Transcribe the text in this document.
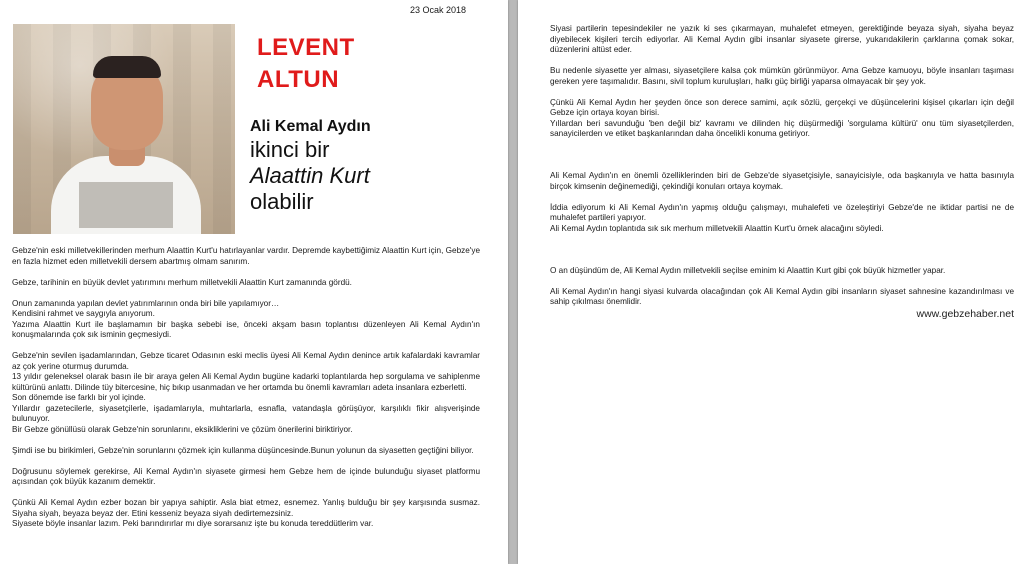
23 Ocak 2018
LEVENT
ALTUN
Ali Kemal Aydın
ikinci bir
Alaattin Kurt
olabilir
Gebze'nin eski milletvekillerinden merhum Alaattin Kurt'u hatırlayanlar vardır. Depremde kaybettiğimiz Alaattin Kurt için, Gebze'ye en fazla hizmet eden milletvekili dersem abartmış olmam sanırım.
Gebze, tarihinin en büyük devlet yatırımını merhum milletvekili Alaattin Kurt zamanında gördü.
Onun zamanında yapılan devlet yatırımlarının onda biri bile yapılamıyor…
Kendisini rahmet ve saygıyla anıyorum.
Yazıma Alaattin Kurt ile başlamamın bir başka sebebi ise, önceki akşam basın toplantısı düzenleyen Ali Kemal Aydın'ın konuşmalarında çok sık isminin geçmesiydi.
Gebze'nin sevilen işadamlarından, Gebze ticaret Odasının eski meclis üyesi Ali Kemal Aydın denince artık kafalardaki kavramlar az çok yerine oturmuş durumda.
13 yıldır geleneksel olarak basın ile bir araya gelen Ali Kemal Aydın bugüne kadarki toplantılarda hep sorgulama ve sahiplenme kültürünü anlattı. Dilinde tüy bitercesine, hiç bıkıp usanmadan ve her ortamda bu önemli kavramları adeta insanlara ezberletti.
Son dönemde ise farklı bir yol içinde.
Yıllardır gazetecilerle, siyasetçilerle, işadamlarıyla, muhtarlarla, esnafla, vatandaşla görüşüyor, karşılıklı fikir alışverişinde bulunuyor.
Bir Gebze gönüllüsü olarak Gebze'nin sorunlarını, eksikliklerini ve çözüm önerilerini biriktiriyor.
Şimdi ise bu birikimleri, Gebze'nin sorunlarını çözmek için kullanma düşüncesinde.Bunun yolunun da siyasetten geçtiğini biliyor.
Doğrusunu söylemek gerekirse, Ali Kemal Aydın'ın siyasete girmesi hem Gebze hem de içinde bulunduğu siyaset platformu açısından çok büyük kazanım demektir.
Çünkü Ali Kemal Aydın ezber bozan bir yapıya sahiptir. Asla biat etmez, esnemez. Yanlış bulduğu bir şey karşısında susmaz. Siyaha siyah, beyaza beyaz der. Etini kesseniz beyaza siyah dedirtemezsiniz.
Siyasete böyle insanlar lazım. Peki barındırırlar mı diye sorarsanız işte bu konuda tereddütlerim var.
Siyasi partilerin tepesindekiler ne yazık ki ses çıkarmayan, muhalefet etmeyen, gerektiğinde beyaza siyah, siyaha beyaz diyebilecek kişileri tercih ediyorlar. Ali Kemal Aydın gibi insanlar siyasete girerse, yukarıdakilerin çarklarına çomak sokar, düzenlerini altüst eder.
Bu nedenle siyasette yer alması, siyasetçilere kalsa çok mümkün görünmüyor. Ama Gebze kamuoyu, böyle insanları taşıması gereken yere taşımalıdır. Basını, sivil toplum kuruluşları, halkı güç birliği yaparsa olmayacak bir şey yok.
Çünkü Ali Kemal Aydın her şeyden önce son derece samimi, açık sözlü, gerçekçi ve düşüncelerini kişisel çıkarları için değil Gebze için ortaya koyan birisi.
Yıllardan beri savunduğu 'ben değil biz' kavramı ve dilinden hiç düşürmediği 'sorgulama kültürü' onu tüm siyasetçilerden, sanayicilerden ve etiket başkanlarından daha öncelikli konuma getiriyor.

Ali Kemal Aydın'ın en önemli özelliklerinden biri de Gebze'de siyasetçisiyle, sanayicisiyle, oda başkanıyla ve hatta basınıyla birçok kimsenin değinemediği, çekindiği konuları ortaya koymak.
İddia ediyorum ki Ali Kemal Aydın'ın yapmış olduğu çalışmayı, muhalefeti ve özeleştiriyi Gebze'de ne iktidar partisi ne de muhalefet partileri yapıyor.
Ali Kemal Aydın toplantıda sık sık merhum milletvekili Alaattin Kurt'u örnek alacağını söyledi.

O an düşündüm de, Ali Kemal Aydın milletvekili seçilse eminim ki Alaattin Kurt gibi çok büyük hizmetler yapar.
Ali Kemal Aydın'ın hangi siyasi kulvarda olacağından çok Ali Kemal Aydın gibi insanların siyaset sahnesine kazandırılması ve sahip çıkılması önemlidir.
www.gebzehaber.net
